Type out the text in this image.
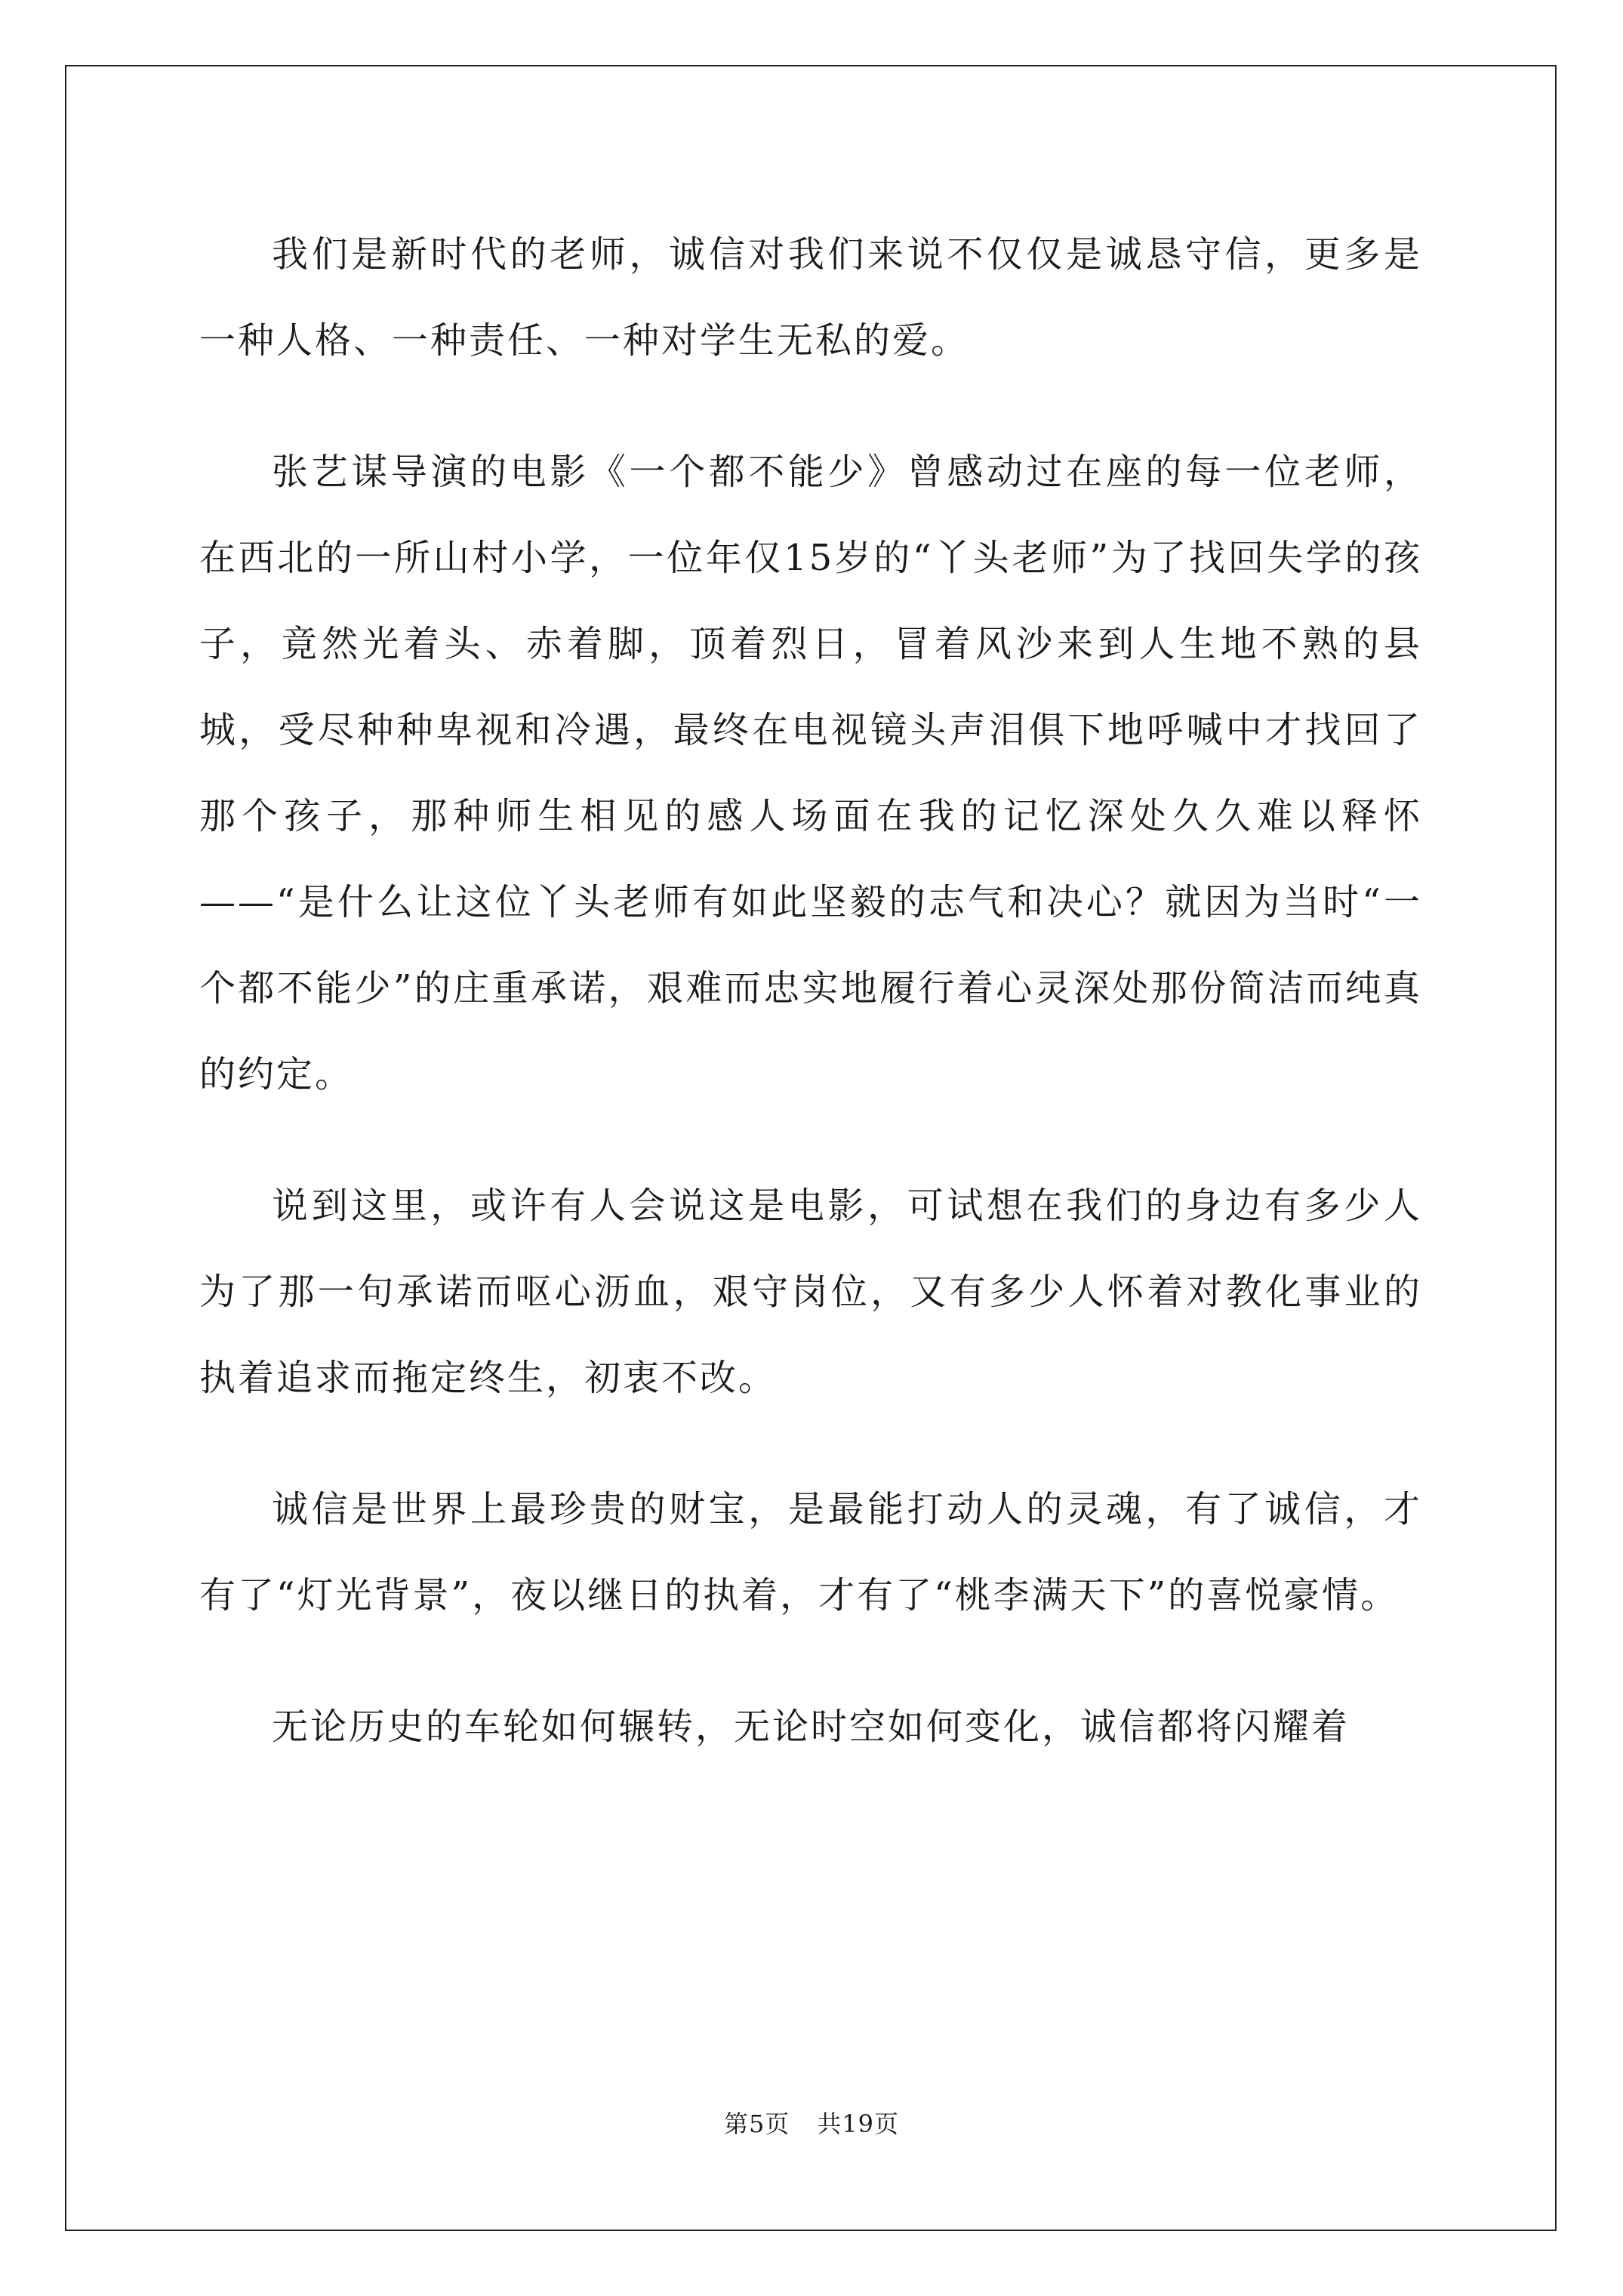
我们是新时代的老师，诚信对我们来说不仅仅是诚恳守信，更多是一种人格、一种责任、一种对学生无私的爱。

张艺谋导演的电影《一个都不能少》曾感动过在座的每一位老师，在西北的一所山村小学，一位年仅15岁的“丫头老师”为了找回失学的孩子，竟然光着头、赤着脚，顶着烈日，冒着风沙来到人生地不熟的县城，受尽种种卑视和冷遇，最终在电视镜头声泪俱下地呼喊中才找回了那个孩子，那种师生相见的感人场面在我的记忆深处久久难以释怀——“是什么让这位丫头老师有如此坚毅的志气和决心？就因为当时“一个都不能少”的庄重承诺，艰难而忠实地履行着心灵深处那份简洁而纯真的约定。

说到这里，或许有人会说这是电影，可试想在我们的身边有多少人为了那一句承诺而呕心沥血，艰守岗位，又有多少人怀着对教化事业的执着追求而拖定终生，初衷不改。

诚信是世界上最珍贵的财宝，是最能打动人的灵魂，有了诚信，才有了“灯光背景”，夜以继日的执着，才有了“桃李满天下”的喜悦豪情。

无论历史的车轮如何辗转，无论时空如何变化，诚信都将闪耀着

第5页 共19页
